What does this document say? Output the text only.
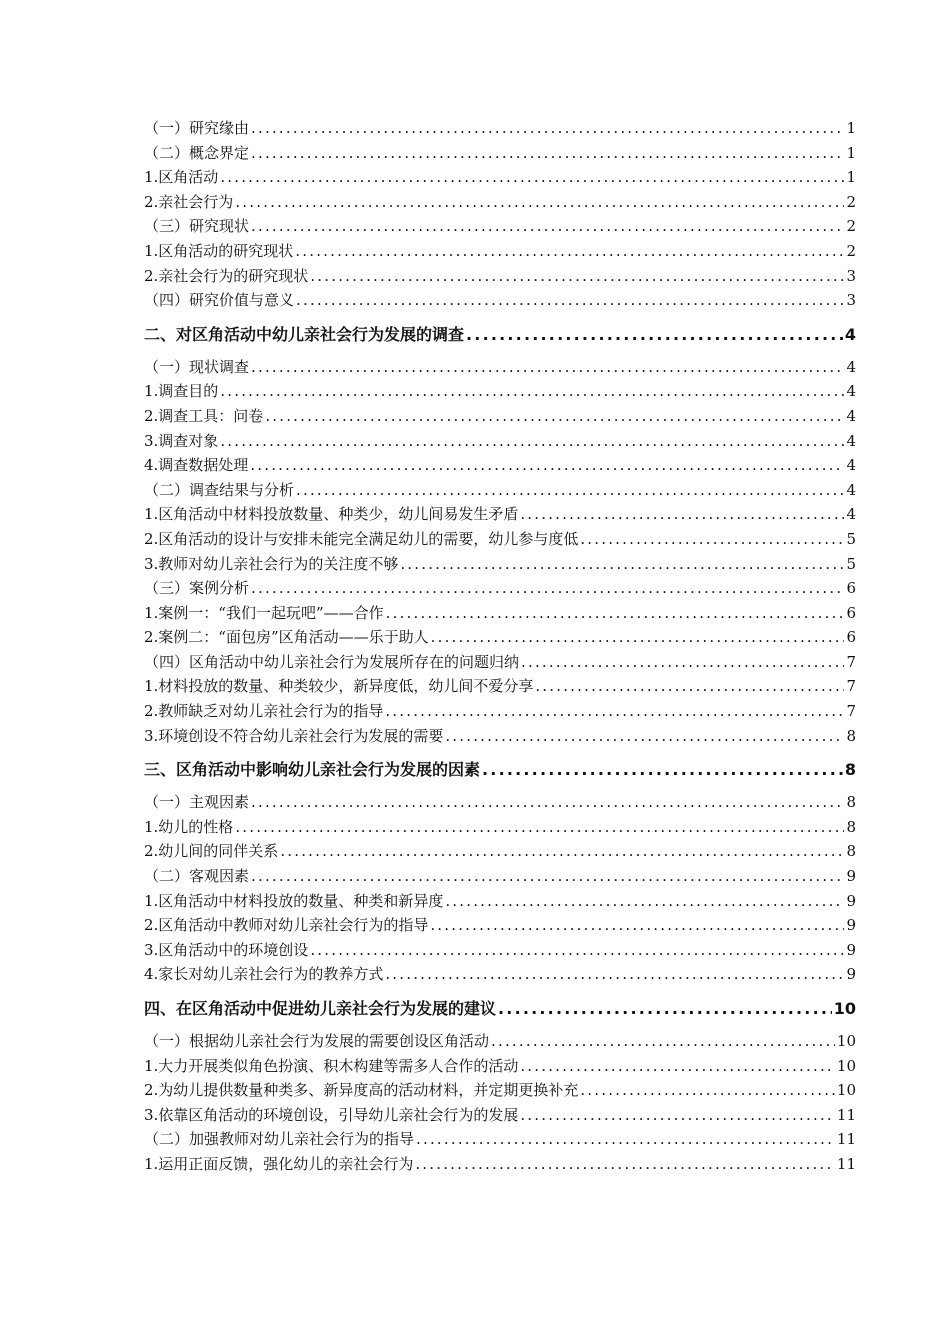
（一）研究缘由 .....	1
（二）概念界定 .....	1
1.区角活动 .....	1
2.亲社会行为 .....	2
（三）研究现状 .....	2
1.区角活动的研究现状 .....	2
2.亲社会行为的研究现状 .....	3
（四）研究价值与意义 .....	3
二、对区角活动中幼儿亲社会行为发展的调查 .....	4
（一）现状调查 .....	4
1.调查目的 .....	4
2.调查工具：问卷 .....	4
3.调查对象 .....	4
4.调查数据处理 .....	4
（二）调查结果与分析 .....	4
1.区角活动中材料投放数量、种类少，幼儿间易发生矛盾 .....	4
2.区角活动的设计与安排未能完全满足幼儿的需要，幼儿参与度低 .....	5
3.教师对幼儿亲社会行为的关注度不够 .....	5
（三）案例分析 .....	6
1.案例一：“我们一起玩吧”——合作 .....	6
2.案例二：“面包房”区角活动——乐于助人 .....	6
（四）区角活动中幼儿亲社会行为发展所存在的问题归纳 .....	7
1.材料投放的数量、种类较少，新异度低，幼儿间不爱分享 .....	7
2.教师缺乏对幼儿亲社会行为的指导 .....	7
3.环境创设不符合幼儿亲社会行为发展的需要 .....	8
三、区角活动中影响幼儿亲社会行为发展的因素 .....	8
（一）主观因素 .....	8
1.幼儿的性格 .....	8
2.幼儿间的同伴关系 .....	8
（二）客观因素 .....	9
1.区角活动中材料投放的数量、种类和新异度 .....	9
2.区角活动中教师对幼儿亲社会行为的指导 .....	9
3.区角活动中的环境创设 .....	9
4.家长对幼儿亲社会行为的教养方式 .....	9
四、在区角活动中促进幼儿亲社会行为发展的建议 .....	10
（一）根据幼儿亲社会行为发展的需要创设区角活动 .....	10
1.大力开展类似角色扮演、积木构建等需多人合作的活动 .....	10
2.为幼儿提供数量种类多、新异度高的活动材料，并定期更换补充 .....	10
3.依靠区角活动的环境创设，引导幼儿亲社会行为的发展 .....	11
（二）加强教师对幼儿亲社会行为的指导 .....	11
1.运用正面反馈，强化幼儿的亲社会行为 .....	11
